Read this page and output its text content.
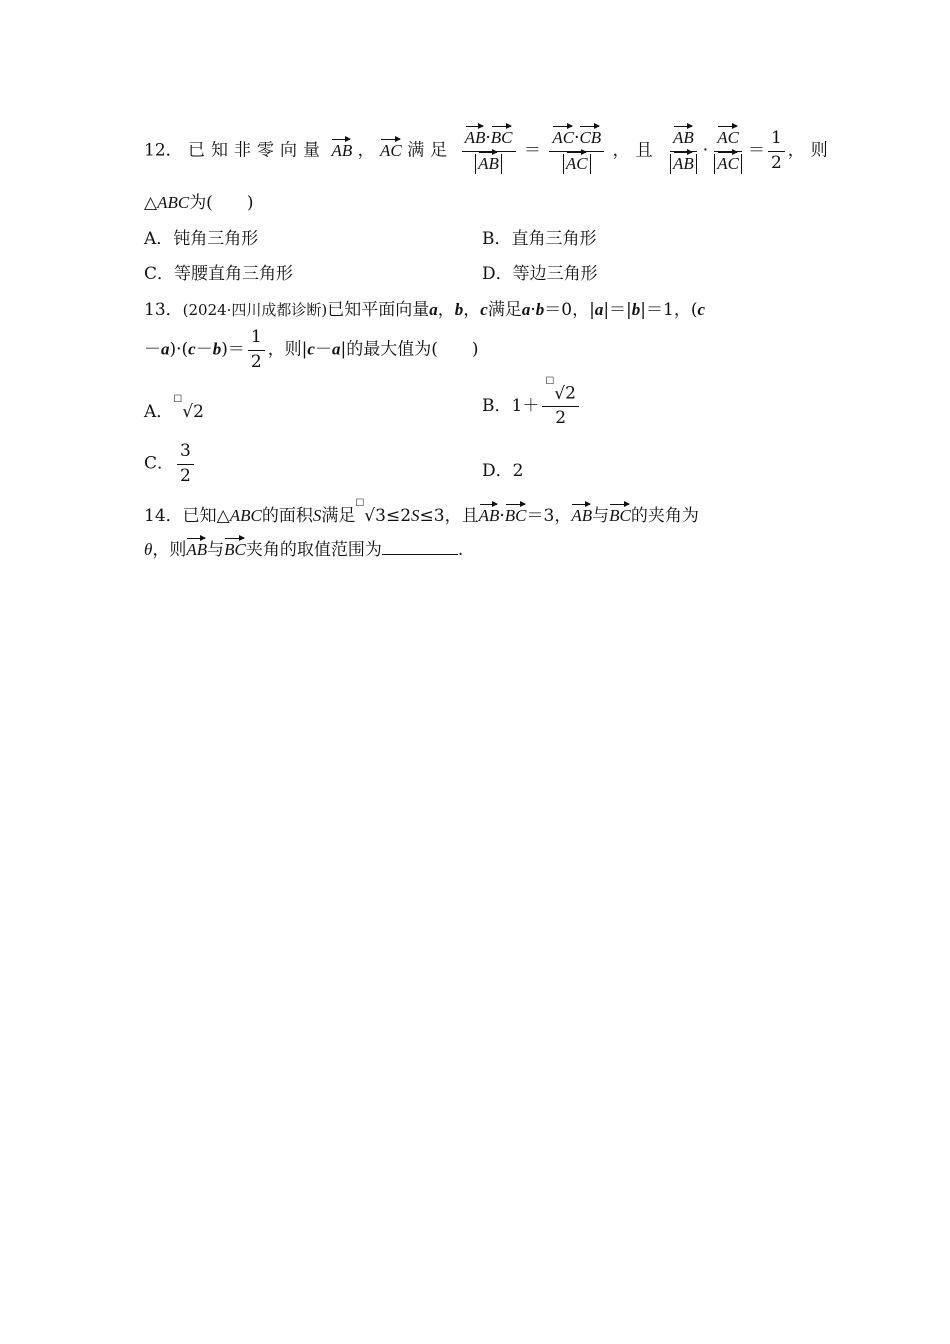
12． 已知非零向量 AB ， AC 满足 $\frac{AB\cdot BC}{AB} = \frac{AC\cdot CB}{AC}$ ，且 $\frac{AB}{AB} \cdot \frac{AC}{AC} = \frac{1}{2}$ ，则
△ABC为(　　)
A．钝角三角形	B．直角三角形
C．等腰直角三角形	D．等边三角形
13．(2024·四川成都诊断)已知平面向量a，b，c满足a·b＝0，|a|＝|b|＝1，(c
$-a)\cdot(c-b)= \frac{1}{2}$ ，则|c－a|的最大值为(　　)
A．☐√2	B．$1+ \frac{^☐√2}{2}$
C． $\frac{3}{2}$	D．2
14．已知△ABC的面积S满足☐√3≤2S≤3，且AB·BC＝3，AB与BC的夹角为
θ，则AB与BC夹角的取值范围为	.
